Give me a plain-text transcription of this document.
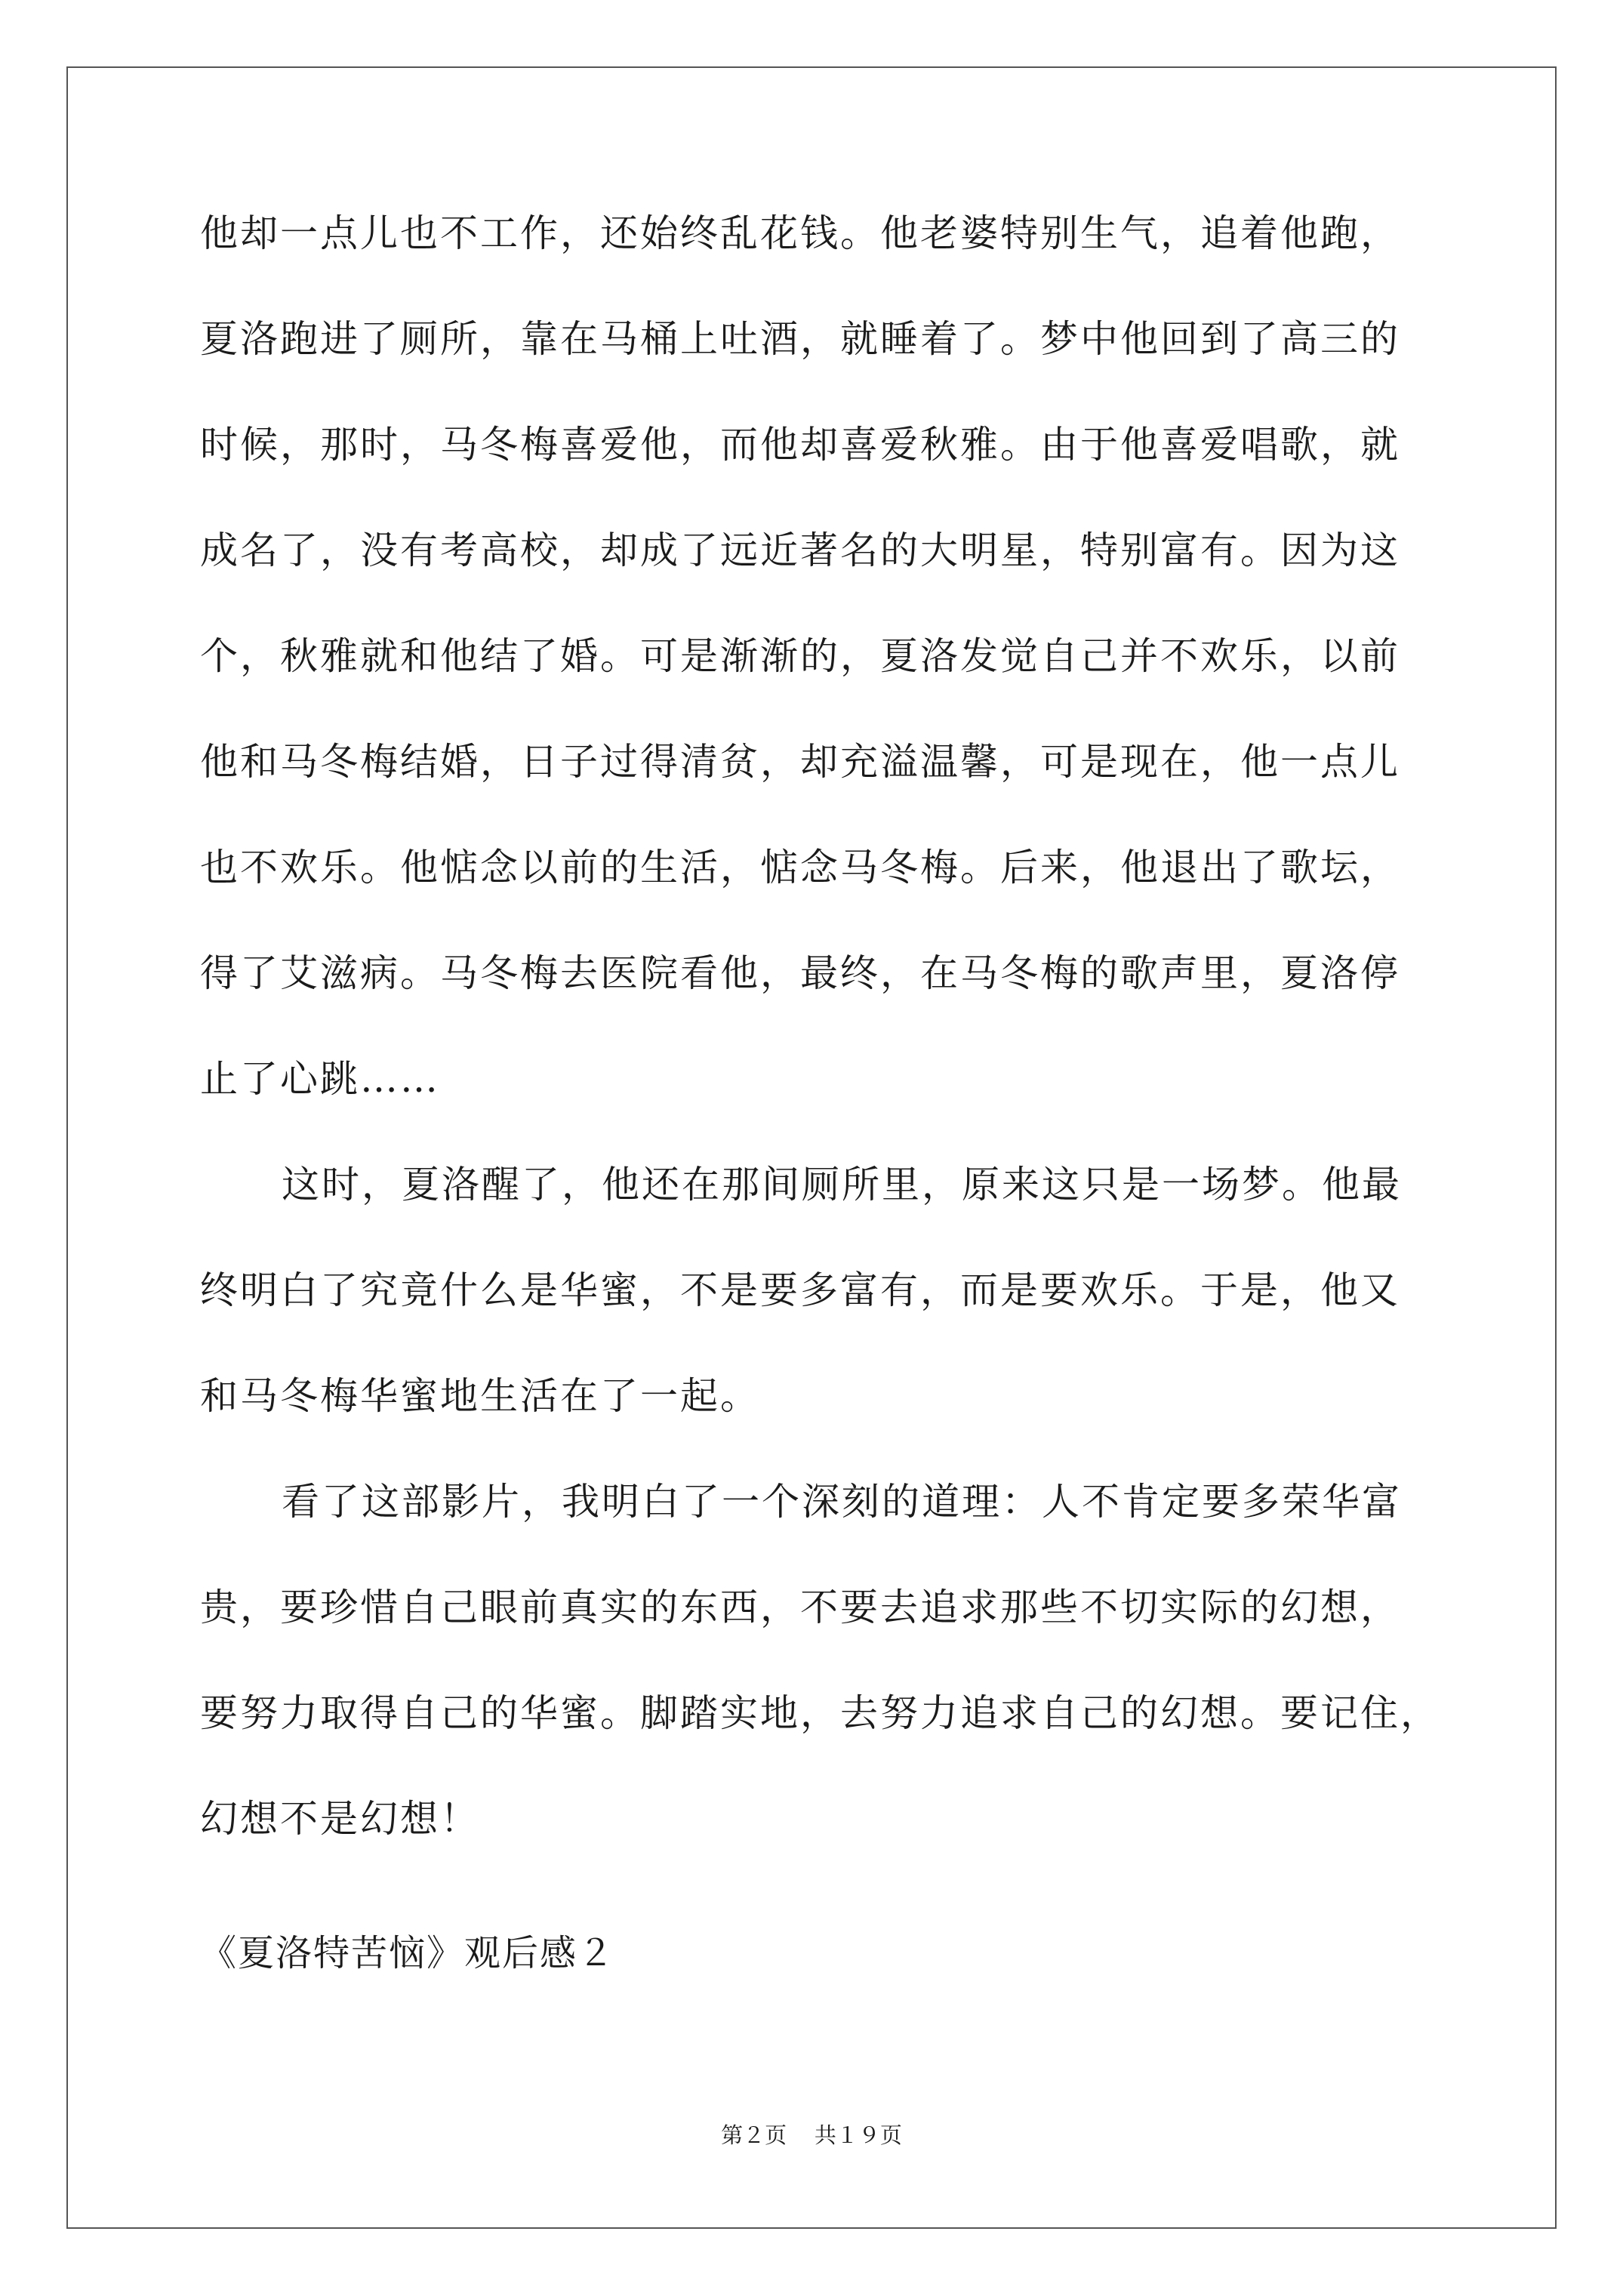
他却一点儿也不工作，还始终乱花钱。他老婆特别生气，追着他跑，
夏洛跑进了厕所，靠在马桶上吐酒，就睡着了。梦中他回到了高三的
时候，那时，马冬梅喜爱他，而他却喜爱秋雅。由于他喜爱唱歌，就
成名了，没有考高校，却成了远近著名的大明星，特别富有。因为这
个，秋雅就和他结了婚。可是渐渐的，夏洛发觉自己并不欢乐，以前
他和马冬梅结婚，日子过得清贫，却充溢温馨，可是现在，他一点儿
也不欢乐。他惦念以前的生活，惦念马冬梅。后来，他退出了歌坛，
得了艾滋病。马冬梅去医院看他，最终，在马冬梅的歌声里，夏洛停
止了心跳……
这时，夏洛醒了，他还在那间厕所里，原来这只是一场梦。他最
终明白了究竟什么是华蜜，不是要多富有，而是要欢乐。于是，他又
和马冬梅华蜜地生活在了一起。
看了这部影片，我明白了一个深刻的道理：人不肯定要多荣华富
贵，要珍惜自己眼前真实的东西，不要去追求那些不切实际的幻想，
要努力取得自己的华蜜。脚踏实地，去努力追求自己的幻想。要记住，
幻想不是幻想！
《夏洛特苦恼》观后感２
第２页    共１９页
